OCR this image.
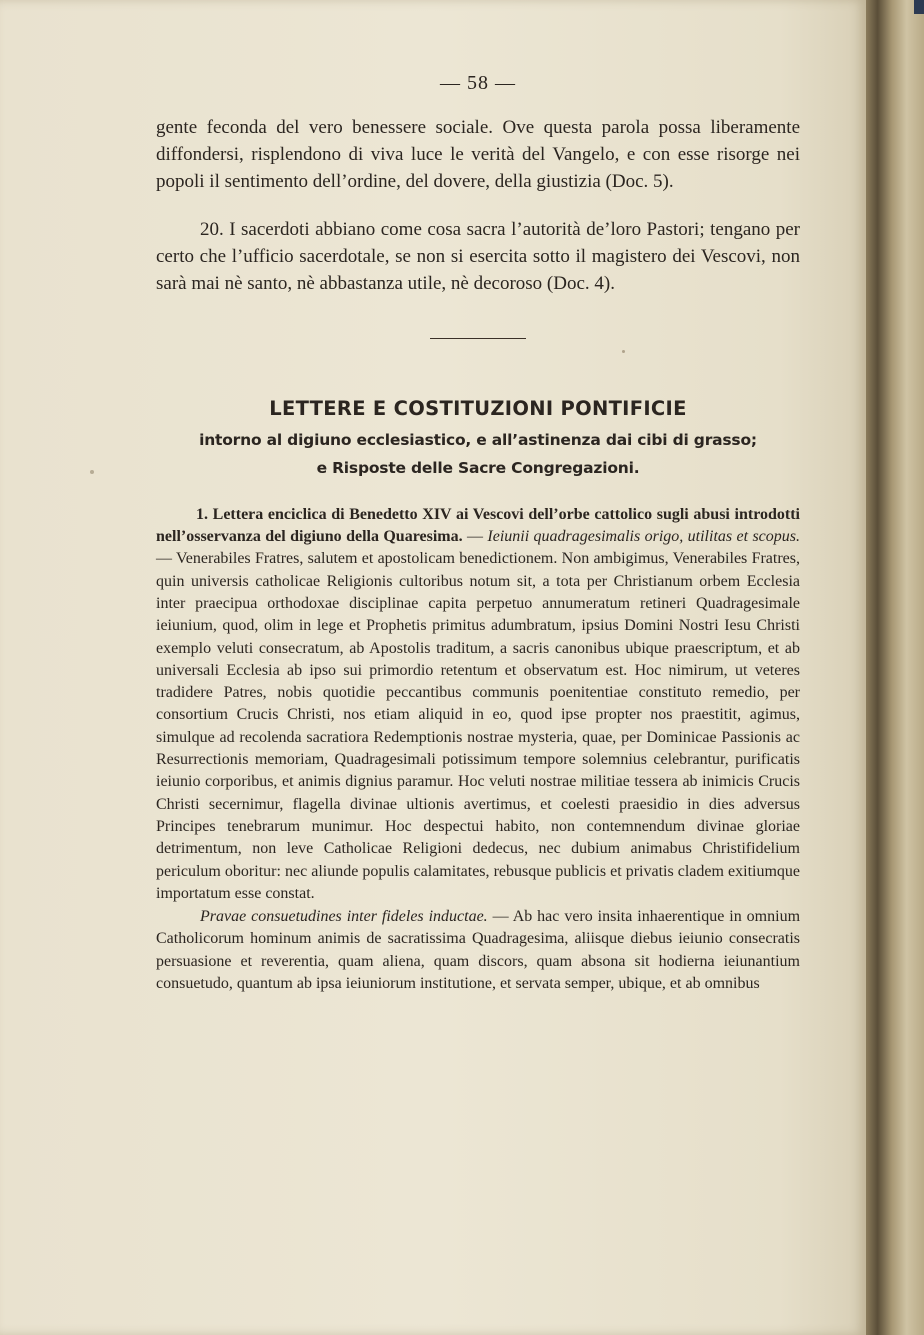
— 58 —

gente feconda del vero benessere sociale. Ove questa parola possa liberamente diffondersi, risplendono di viva luce le verità del Vangelo, e con esse risorge nei popoli il sentimento dell’ordine, del dovere, della giustizia (Doc. 5).

20. I sacerdoti abbiano come cosa sacra l’autorità de’loro Pastori; tengano per certo che l’ufficio sacerdotale, se non si esercita sotto il magistero dei Vescovi, non sarà mai nè santo, nè abbastanza utile, nè decoroso (Doc. 4).

LETTERE E COSTITUZIONI PONTIFICIE
intorno al digiuno ecclesiastico, e all’astinenza dai cibi di grasso;
e Risposte delle Sacre Congregazioni.

1. Lettera enciclica di Benedetto XIV ai Vescovi dell’orbe cattolico sugli abusi introdotti nell’osservanza del digiuno della Quaresima. — Ieiunii quadragesimalis origo, utilitas et scopus. — Venerabiles Fratres, salutem et apostolicam benedictionem. Non ambigimus, Venerabiles Fratres, quin universis catholicae Religionis cultoribus notum sit, a tota per Christianum orbem Ecclesia inter praecipua orthodoxae disciplinae capita perpetuo annumeratum retineri Quadragesimale ieiunium, quod, olim in lege et Prophetis primitus adumbratum, ipsius Domini Nostri Iesu Christi exemplo veluti consecratum, ab Apostolis traditum, a sacris canonibus ubique praescriptum, et ab universali Ecclesia ab ipso sui primordio retentum et observatum est. Hoc nimirum, ut veteres tradidere Patres, nobis quotidie peccantibus communis poenitentiae constituto remedio, per consortium Crucis Christi, nos etiam aliquid in eo, quod ipse propter nos praestitit, agimus, simulque ad recolenda sacratiora Redemptionis nostrae mysteria, quae, per Dominicae Passionis ac Resurrectionis memoriam, Quadragesimali potissimum tempore solemnius celebrantur, purificatis ieiunio corporibus, et animis dignius paramur. Hoc veluti nostrae militiae tessera ab inimicis Crucis Christi secernimur, flagella divinae ultionis avertimus, et coelesti praesidio in dies adversus Principes tenebrarum munimur. Hoc despectui habito, non contemnendum divinae gloriae detrimentum, non leve Catholicae Religioni dedecus, nec dubium animabus Christifidelium periculum oboritur: nec aliunde populis calamitates, rebusque publicis et privatis cladem exitiumque importatum esse constat.

Pravae consuetudines inter fideles inductae. — Ab hac vero insita inhaerentique in omnium Catholicorum hominum animis de sacratissima Quadragesima, aliisque diebus ieiunio consecratis persuasione et reverentia, quam aliena, quam discors, quam absona sit hodierna ieiunantium consuetudo, quantum ab ipsa ieiuniorum institutione, et servata semper, ubique, et ab omnibus
